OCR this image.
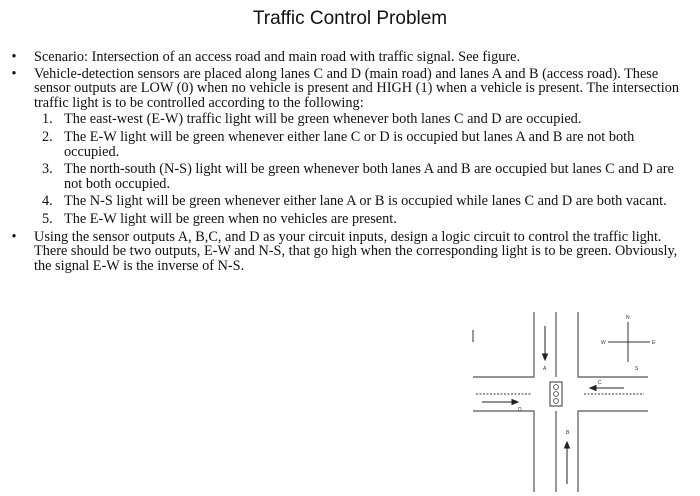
Traffic Control Problem
• Scenario: Intersection of an access road and main road with traffic signal. See figure.
• Vehicle-detection sensors are placed along lanes C and D (main road) and lanes A and B (access road). These sensor outputs are LOW (0) when no vehicle is present and HIGH (1) when a vehicle is present. The intersection traffic light is to be controlled according to the following:
1. The east-west (E-W) traffic light will be green whenever both lanes C and D are occupied.
2. The E-W light will be green whenever either lane C or D is occupied but lanes A and B are not both occupied.
3. The north-south (N-S) light will be green whenever both lanes A and B are occupied but lanes C and D are not both occupied.
4. The N-S light will be green whenever either lane A or B is occupied while lanes C and D are both vacant.
5. The E-W light will be green when no vehicles are present.
• Using the sensor outputs A, B,C, and D as your circuit inputs, design a logic circuit to control the traffic light. There should be two outputs, E-W and N-S, that go high when the corresponding light is to be green. Obviously, the signal E-W is the inverse of N-S.
N
W	E
S
A
B
C
D
